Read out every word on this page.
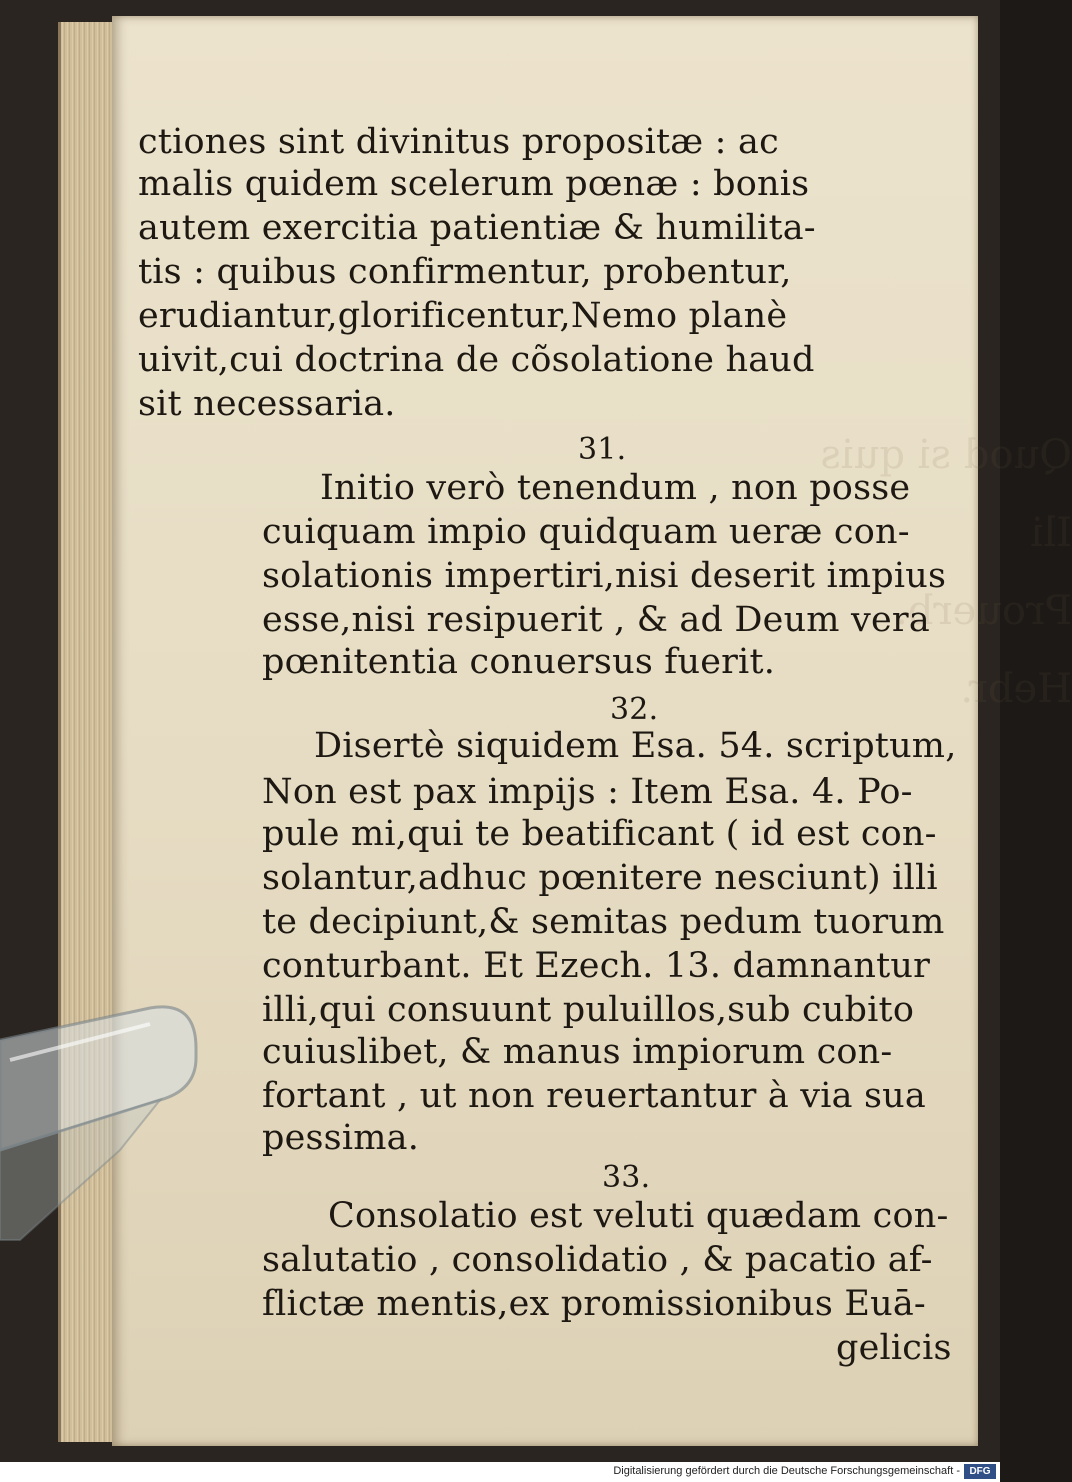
Quod si quis
Ili

Hebr.
ctiones sint divinitus propositæ : ac
malis quidem scelerum pœnæ : bonis
autem exercitia patientiæ & humilita-
tis : quibus confirmentur, probentur,
erudiantur,glorificentur,Nemo planè
uivit,cui doctrina de cõsolatione haud
sit necessaria.
31.
Initio verò tenendum , non posse
cuiquam impio quidquam ueræ con-
solationis impertiri,nisi deserit impius
esse,nisi resipuerit , & ad Deum vera
pœnitentia conuersus fuerit.
32.
Disertè siquidem Esa. 54. scriptum,
Non est pax impijs : Item Esa. 4. Po-
pule mi,qui te beatificant ( id est con-
solantur,adhuc pœnitere nesciunt) illi
te decipiunt,& semitas pedum tuorum
conturbant. Et Ezech. 13. damnantur
illi,qui consuunt puluillos,sub cubito
cuiuslibet, & manus impiorum con-
fortant , ut non reuertantur à via sua
pessima.
33.
Consolatio est veluti quædam con-
salutatio , consolidatio , & pacatio af-
flictæ mentis,ex promissionibus Euā-
gelicis
Digitalisierung gefördert durch die Deutsche Forschungsgemeinschaft - DFG
